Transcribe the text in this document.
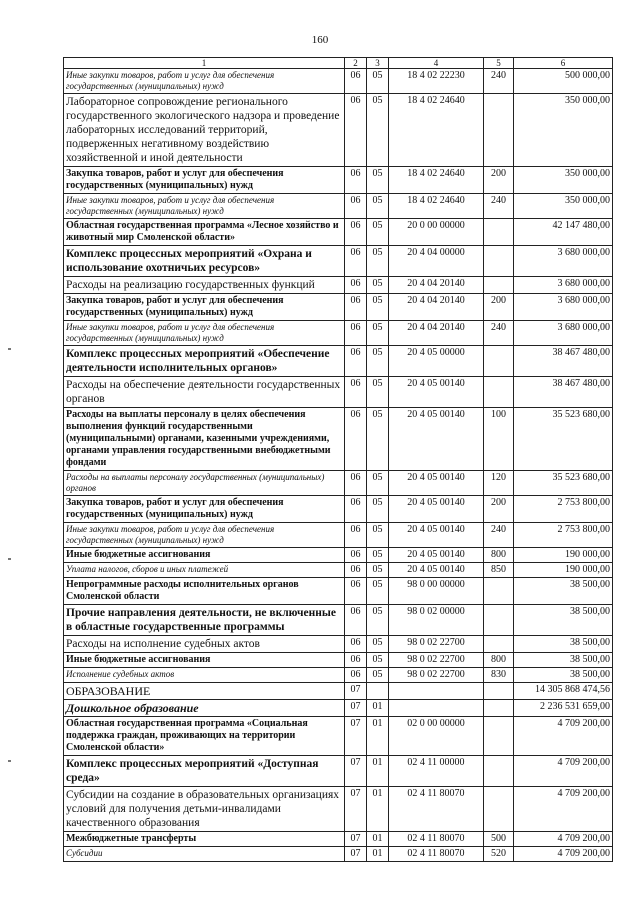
160
1	2	3	4	5	6
Иные закупки товаров, работ и услуг для обеспечения государственных (муниципальных) нужд	06	05	18 4 02 22230	240	500 000,00
Лабораторное сопровождение регионального государственного экологического надзора и проведение лабораторных исследований территорий, подверженных негативному воздействию хозяйственной и иной деятельности	06	05	18 4 02 24640		350 000,00
Закупка товаров, работ и услуг для обеспечения государственных (муниципальных) нужд	06	05	18 4 02 24640	200	350 000,00
Иные закупки товаров, работ и услуг для обеспечения государственных (муниципальных) нужд	06	05	18 4 02 24640	240	350 000,00
Областная государственная программа «Лесное хозяйство и животный мир Смоленской области»	06	05	20 0 00 00000		42 147 480,00
Комплекс процессных мероприятий «Охрана и использование охотничьих ресурсов»	06	05	20 4 04 00000		3 680 000,00
Расходы на реализацию государственных функций	06	05	20 4 04 20140		3 680 000,00
Закупка товаров, работ и услуг для обеспечения государственных (муниципальных) нужд	06	05	20 4 04 20140	200	3 680 000,00
Иные закупки товаров, работ и услуг для обеспечения государственных (муниципальных) нужд	06	05	20 4 04 20140	240	3 680 000,00
Комплекс процессных мероприятий «Обеспечение деятельности исполнительных органов»	06	05	20 4 05 00000		38 467 480,00
Расходы на обеспечение деятельности государственных органов	06	05	20 4 05 00140		38 467 480,00
Расходы на выплаты персоналу в целях обеспечения выполнения функций государственными (муниципальными) органами, казенными учреждениями, органами управления государственными внебюджетными фондами	06	05	20 4 05 00140	100	35 523 680,00
Расходы на выплаты персоналу государственных (муниципальных) органов	06	05	20 4 05 00140	120	35 523 680,00
Закупка товаров, работ и услуг для обеспечения государственных (муниципальных) нужд	06	05	20 4 05 00140	200	2 753 800,00
Иные закупки товаров, работ и услуг для обеспечения государственных (муниципальных) нужд	06	05	20 4 05 00140	240	2 753 800,00
Иные бюджетные ассигнования	06	05	20 4 05 00140	800	190 000,00
Уплата налогов, сборов и иных платежей	06	05	20 4 05 00140	850	190 000,00
Непрограммные расходы исполнительных органов Смоленской области	06	05	98 0 00 00000		38 500,00
Прочие направления деятельности, не включенные в областные государственные программы	06	05	98 0 02 00000		38 500,00
Расходы на исполнение судебных актов	06	05	98 0 02 22700		38 500,00
Иные бюджетные ассигнования	06	05	98 0 02 22700	800	38 500,00
Исполнение судебных актов	06	05	98 0 02 22700	830	38 500,00
ОБРАЗОВАНИЕ	07				14 305 868 474,56
Дошкольное образование	07	01			2 236 531 659,00
Областная государственная программа «Социальная поддержка граждан, проживающих на территории Смоленской области»	07	01	02 0 00 00000		4 709 200,00
Комплекс процессных мероприятий «Доступная среда»	07	01	02 4 11 00000		4 709 200,00
Субсидии на создание в образовательных организациях условий для получения детьми-инвалидами качественного образования	07	01	02 4 11 80070		4 709 200,00
Межбюджетные трансферты	07	01	02 4 11 80070	500	4 709 200,00
Субсидии	07	01	02 4 11 80070	520	4 709 200,00
